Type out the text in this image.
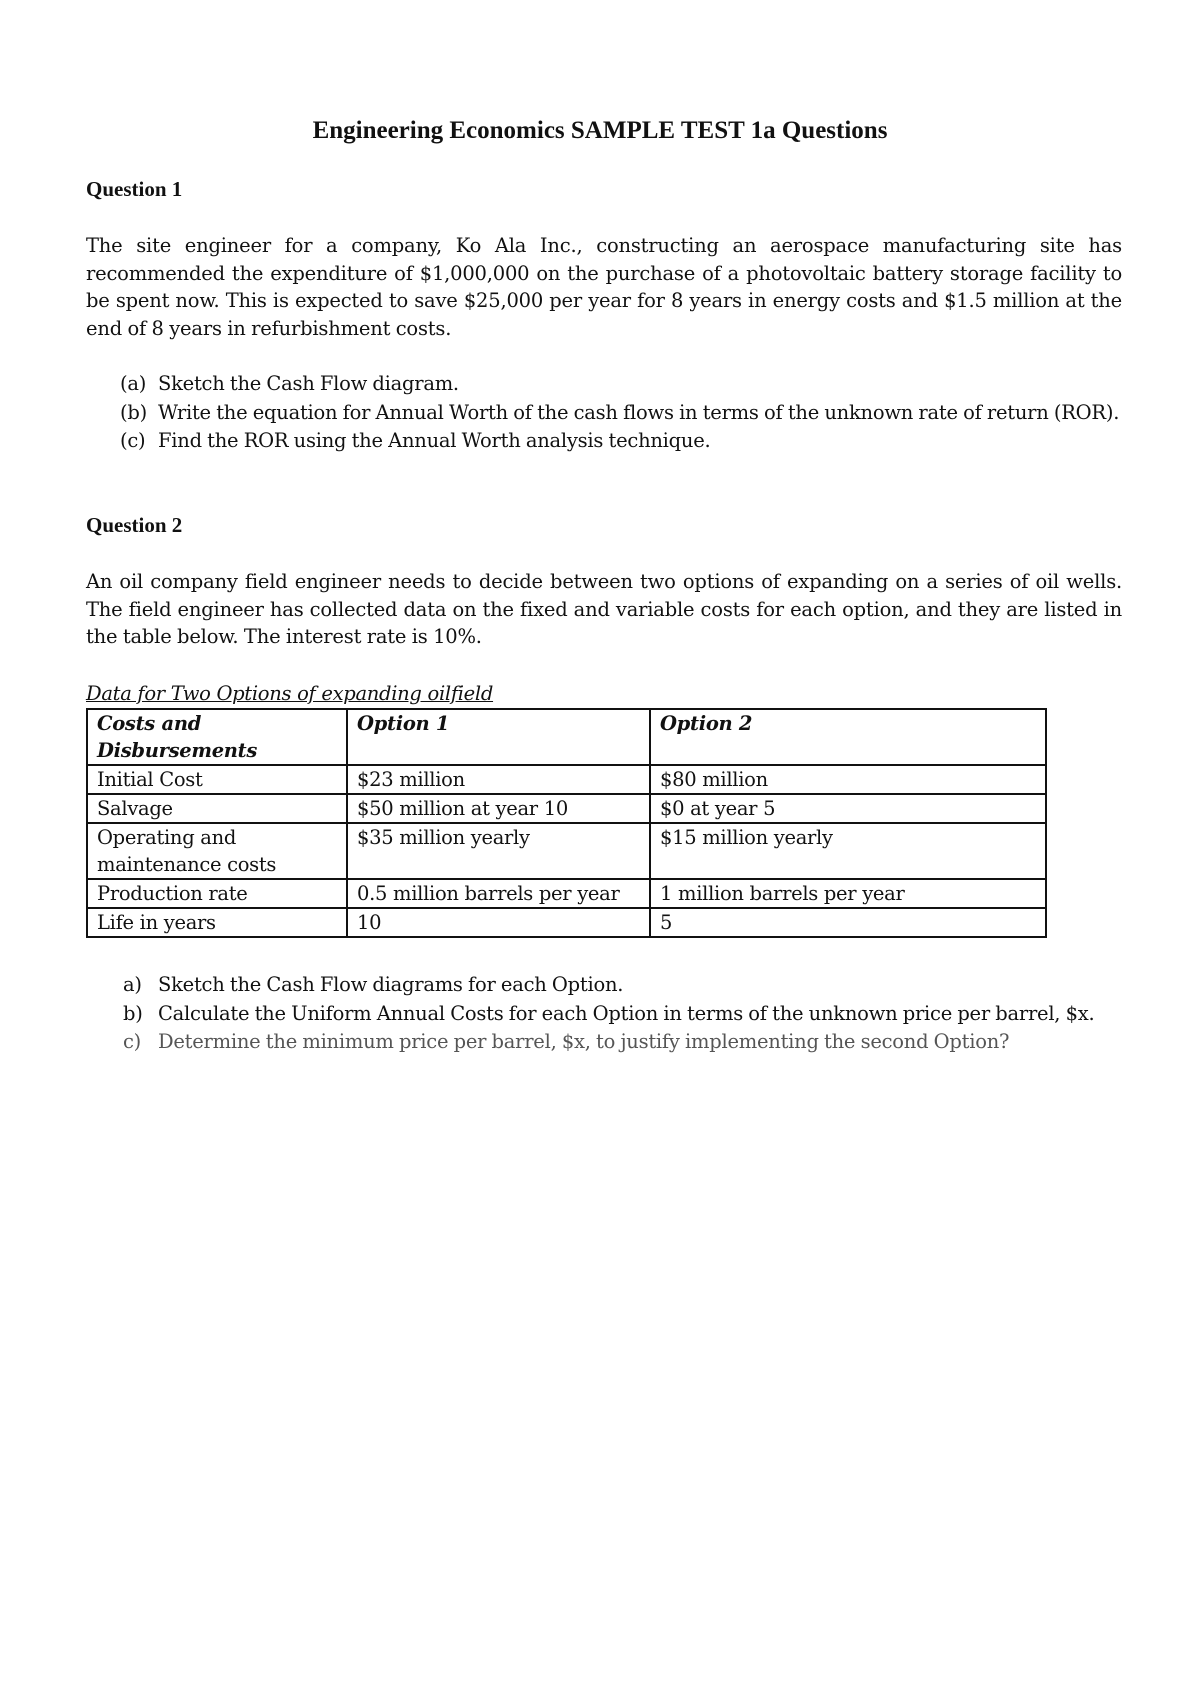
Engineering Economics SAMPLE TEST 1a Questions
Question 1
The site engineer for a company, Ko Ala Inc., constructing an aerospace manufacturing site has recommended the expenditure of $1,000,000 on the purchase of a photovoltaic battery storage facility to be spent now. This is expected to save $25,000 per year for 8 years in energy costs and $1.5 million at the end of 8 years in refurbishment costs.
(a) Sketch the Cash Flow diagram.
(b) Write the equation for Annual Worth of the cash flows in terms of the unknown rate of return (ROR).
(c) Find the ROR using the Annual Worth analysis technique.
Question 2
An oil company field engineer needs to decide between two options of expanding on a series of oil wells. The field engineer has collected data on the fixed and variable costs for each option, and they are listed in the table below. The interest rate is 10%.
Data for Two Options of expanding oilfield
Costs and Disbursements	Option 1	Option 2
Initial Cost	$23 million	$80 million
Salvage	$50 million at year 10	$0 at year 5
Operating and maintenance costs	$35 million yearly	$15 million yearly
Production rate	0.5 million barrels per year	1 million barrels per year
Life in years	10	5
a) Sketch the Cash Flow diagrams for each Option.
b) Calculate the Uniform Annual Costs for each Option in terms of the unknown price per barrel, $x.
c) Determine the minimum price per barrel, $x, to justify implementing the second Option?
